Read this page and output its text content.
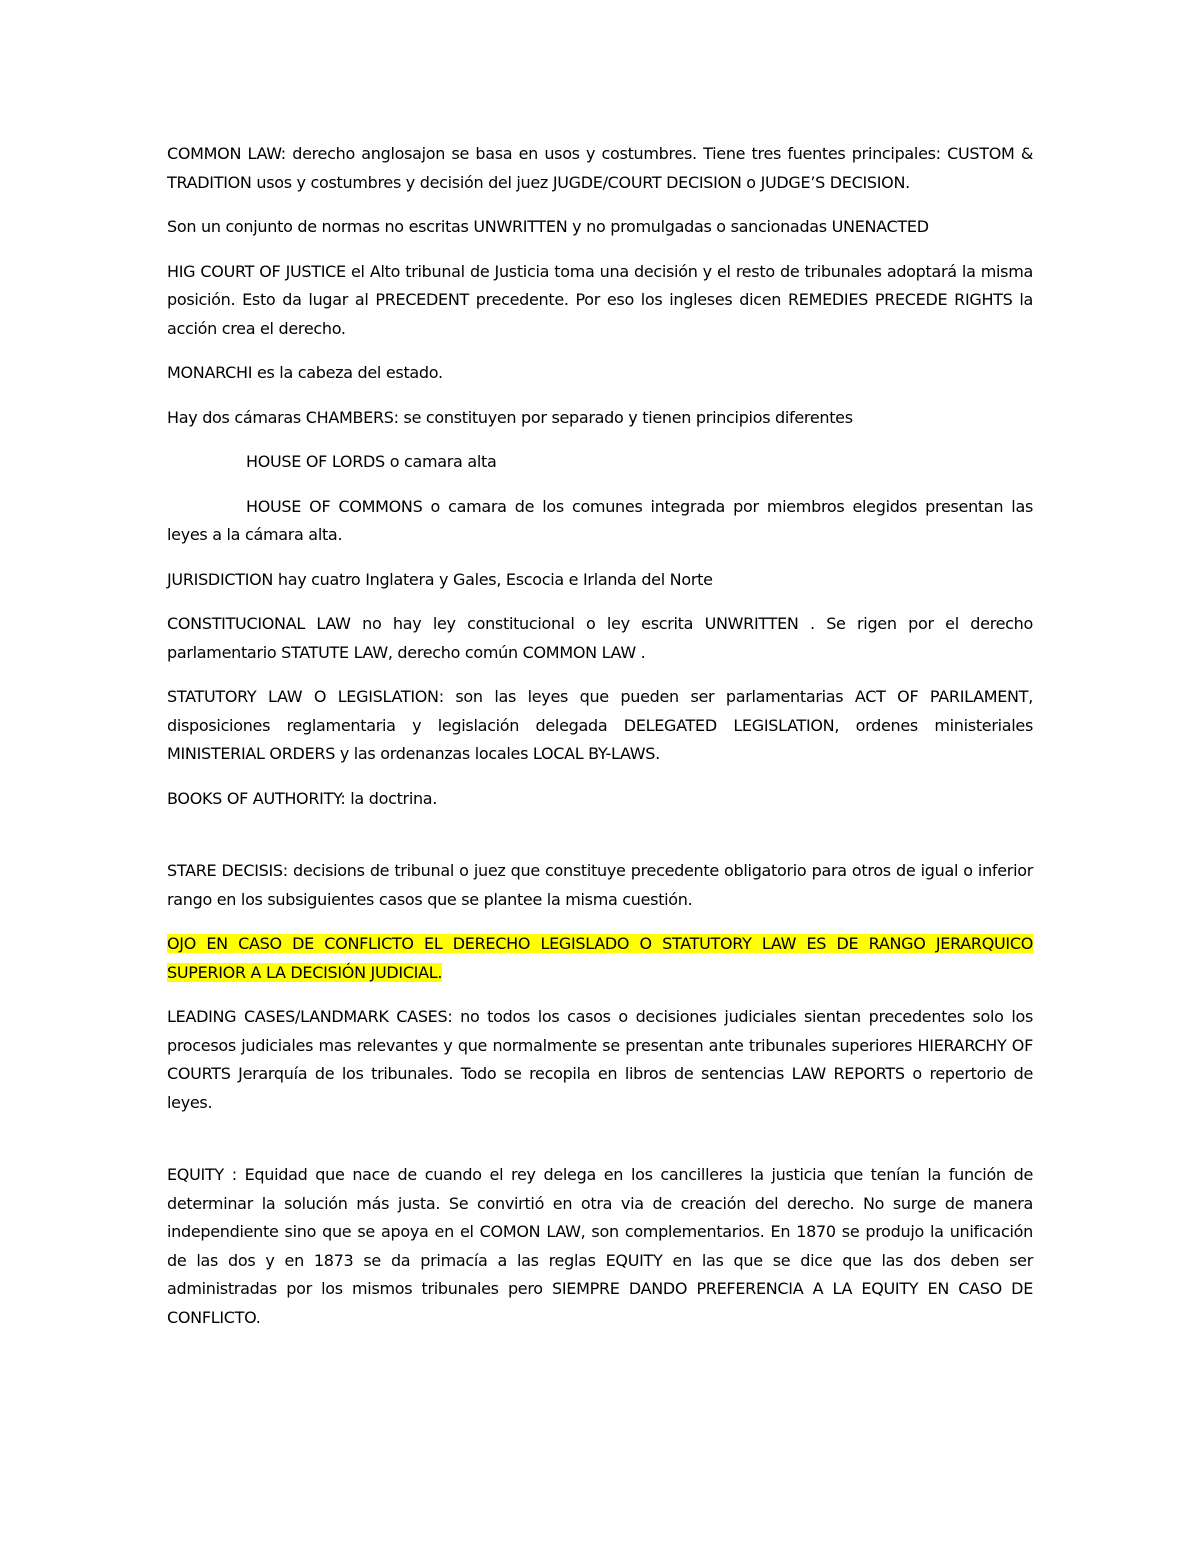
COMMON LAW: derecho anglosajon se basa en usos y costumbres. Tiene tres fuentes principales: CUSTOM & TRADITION usos y costumbres y decisión del juez JUGDE/COURT DECISION o JUDGE’S DECISION.

Son un conjunto de normas no escritas UNWRITTEN y no promulgadas o sancionadas UNENACTED

HIG COURT OF JUSTICE el Alto tribunal de Justicia toma una decisión y el resto de tribunales adoptará la misma posición. Esto da lugar al PRECEDENT precedente. Por eso los ingleses dicen REMEDIES PRECEDE RIGHTS la acción crea el derecho.

MONARCHI es la cabeza del estado.

Hay dos cámaras CHAMBERS: se constituyen por separado y tienen principios diferentes

HOUSE OF LORDS o camara alta

HOUSE OF COMMONS o camara de los comunes integrada por miembros elegidos presentan las leyes a la cámara alta.

JURISDICTION hay cuatro Inglatera y Gales, Escocia e Irlanda del Norte

CONSTITUCIONAL LAW no hay ley constitucional o ley escrita UNWRITTEN . Se rigen por el derecho parlamentario STATUTE LAW, derecho común COMMON LAW .

STATUTORY LAW O LEGISLATION: son las leyes que pueden ser parlamentarias ACT OF PARILAMENT, disposiciones reglamentaria y legislación delegada DELEGATED LEGISLATION, ordenes ministeriales MINISTERIAL ORDERS y las ordenanzas locales LOCAL BY-LAWS.

BOOKS OF AUTHORITY: la doctrina.

STARE DECISIS: decisions de tribunal o juez que constituye precedente obligatorio para otros de igual o inferior rango en los subsiguientes casos que se plantee la misma cuestión.

OJO EN CASO DE CONFLICTO EL DERECHO LEGISLADO O STATUTORY LAW ES DE RANGO JERARQUICO SUPERIOR A LA DECISIÓN JUDICIAL.

LEADING CASES/LANDMARK CASES: no todos los casos o decisiones judiciales sientan precedentes solo los procesos judiciales mas relevantes y que normalmente se presentan ante tribunales superiores HIERARCHY OF COURTS Jerarquía de los tribunales. Todo se recopila en libros de sentencias LAW REPORTS o repertorio de leyes.

EQUITY : Equidad que nace de cuando el rey delega en los cancilleres la justicia que tenían la función de determinar la solución más justa. Se convirtió en otra via de creación del derecho. No surge de manera independiente sino que se apoya en el COMON LAW, son complementarios. En 1870 se produjo la unificación de las dos y en 1873 se da primacía a las reglas EQUITY en las que se dice que las dos deben ser administradas por los mismos tribunales pero SIEMPRE DANDO PREFERENCIA A LA EQUITY EN CASO DE CONFLICTO.
